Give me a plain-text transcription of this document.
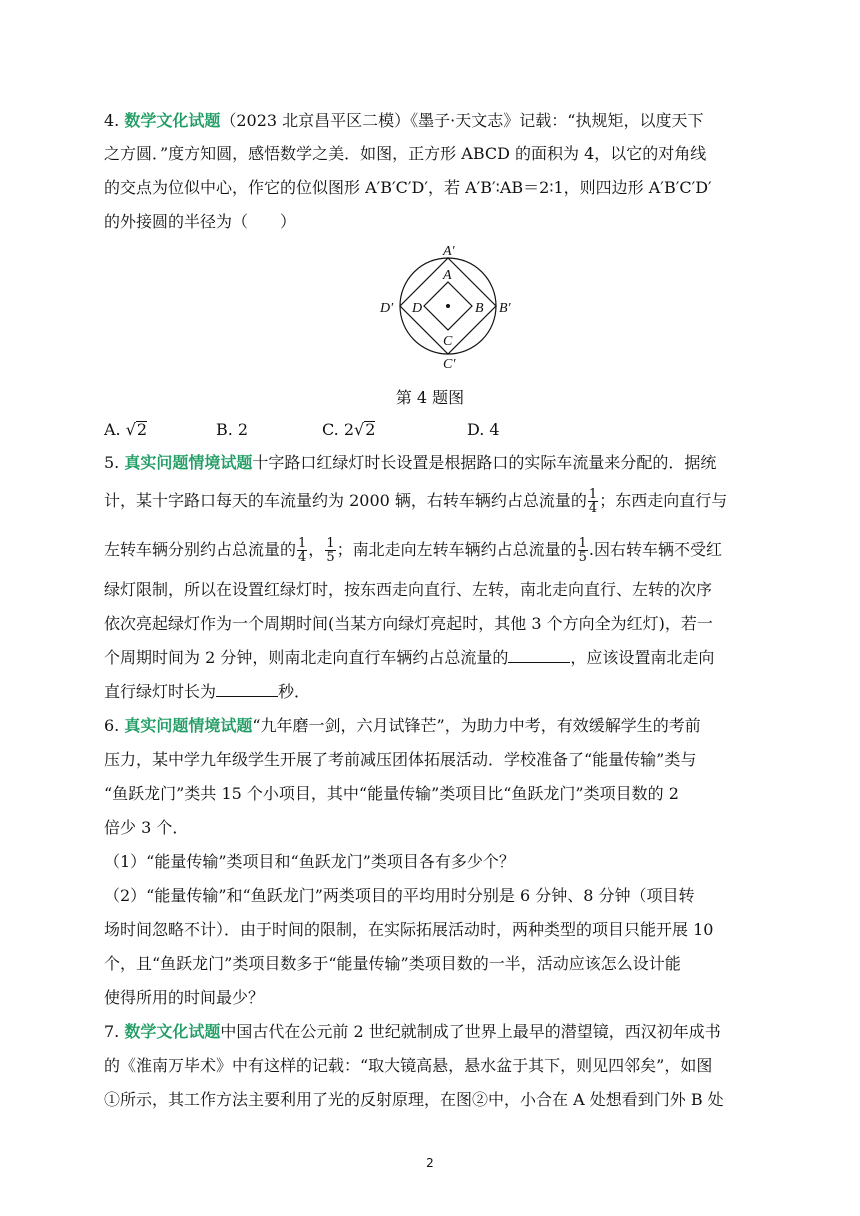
4. 数学文化试题（2023 北京昌平区二模）《墨子·天文志》记载：“执规矩，以度天下
之方圆．”度方知圆，感悟数学之美．如图，正方形 ABCD 的面积为 4，以它的对角线
的交点为位似中心，作它的位似图形 A′B′C′D′，若 A′B′∶AB＝2∶1，则四边形 A′B′C′D′
的外接圆的半径为（　　）
A′
A
D′ D	B B′
C
C′
第 4 题图
A. √2	B. 2	C. 2√2	D. 4
5. 真实问题情境试题十字路口红绿灯时长设置是根据路口的实际车流量来分配的．据统
计，某十字路口每天的车流量约为 2000 辆，右转车辆约占总流量的 $\frac{1}{4}$ ；东西走向直行与
左转车辆分别约占总流量的 $\frac{1}{4}$ ， $\frac{1}{5}$ ；南北走向左转车辆约占总流量的 $\frac{1}{5}$ .因右转车辆不受红
绿灯限制，所以在设置红绿灯时，按东西走向直行、左转，南北走向直行、左转的次序
依次亮起绿灯作为一个周期时间(当某方向绿灯亮起时，其他 3 个方向全为红灯)，若一
个周期时间为 2 分钟，则南北走向直行车辆约占总流量的	，应该设置南北走向
直行绿灯时长为	秒．
6. 真实问题情境试题“九年磨一剑，六月试锋芒”，为助力中考，有效缓解学生的考前
压力，某中学九年级学生开展了考前减压团体拓展活动．学校准备了“能量传输”类与
“鱼跃龙门”类共 15 个小项目，其中“能量传输”类项目比“鱼跃龙门”类项目数的 2
倍少 3 个．
（1）“能量传输”类项目和“鱼跃龙门”类项目各有多少个？
（2）“能量传输”和“鱼跃龙门”两类项目的平均用时分别是 6 分钟、8 分钟（项目转
场时间忽略不计）．由于时间的限制，在实际拓展活动时，两种类型的项目只能开展 10
个，且“鱼跃龙门”类项目数多于“能量传输”类项目数的一半，活动应该怎么设计能
使得所用的时间最少？
7. 数学文化试题中国古代在公元前 2 世纪就制成了世界上最早的潜望镜，西汉初年成书
的《淮南万毕术》中有这样的记载：“取大镜高悬，悬水盆于其下，则见四邻矣”，如图
①所示，其工作方法主要利用了光的反射原理，在图②中，小合在 A 处想看到门外 B 处
2
